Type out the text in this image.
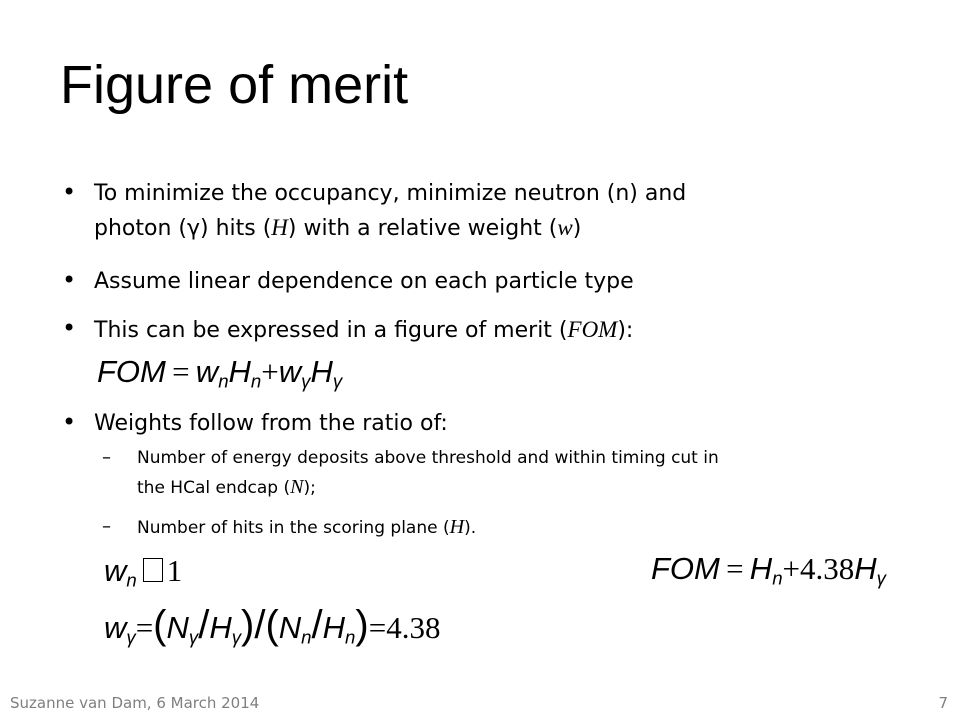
Figure of merit
• To minimize the occupancy, minimize neutron (n) and
photon (γ) hits (H) with a relative weight (w)
• Assume linear dependence on each particle type
• This can be expressed in a figure of merit (FOM):
FOM  =  $w_nH_n+w_\gamma H_\gamma$
• Weights follow from the ratio of:
– Number of energy deposits above threshold and within timing cut in
the HCal endcap (N);
– Number of hits in the scoring plane (H).
$w_n$ 1	FOM  =  $H_n+4.38H_\gamma$
$w_\gamma=(N_\gamma/H_\gamma)/(N_n/H_n)=4.38$
Suzanne van Dam, 6 March 2014	7
